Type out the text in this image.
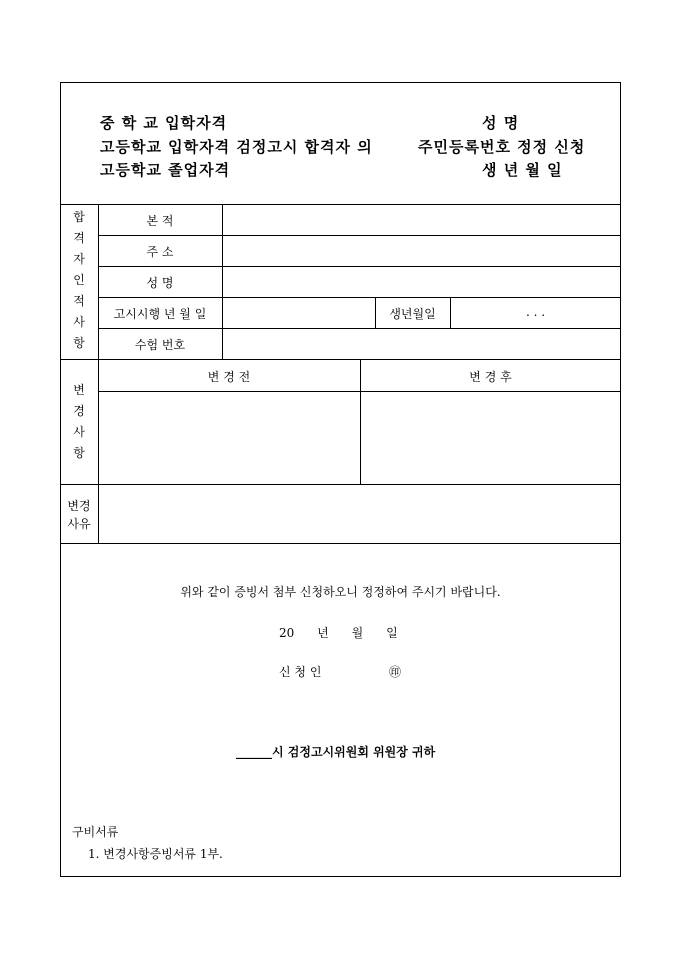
중 학 교 입학자격
고등학교 입학자격 검정고시 합격자 의
고등학교 졸업자격
성 명
주민등록번호 정정 신청
생 년 월 일
합
격
자
인
적
사
항
본 적
주 소
성 명
고시시행 년 월 일	생년월일	. . .
수험 번호
변
경
사
항
변 경 전	변 경 후
변경
사유
위와 같이 증빙서 첨부 신청하오니 정정하여 주시기 바랍니다.
20      년      월      일
신 청 인	㊞
______시 검정고시위원회 위원장 귀하
구비서류
1. 변경사항증빙서류 1부.
